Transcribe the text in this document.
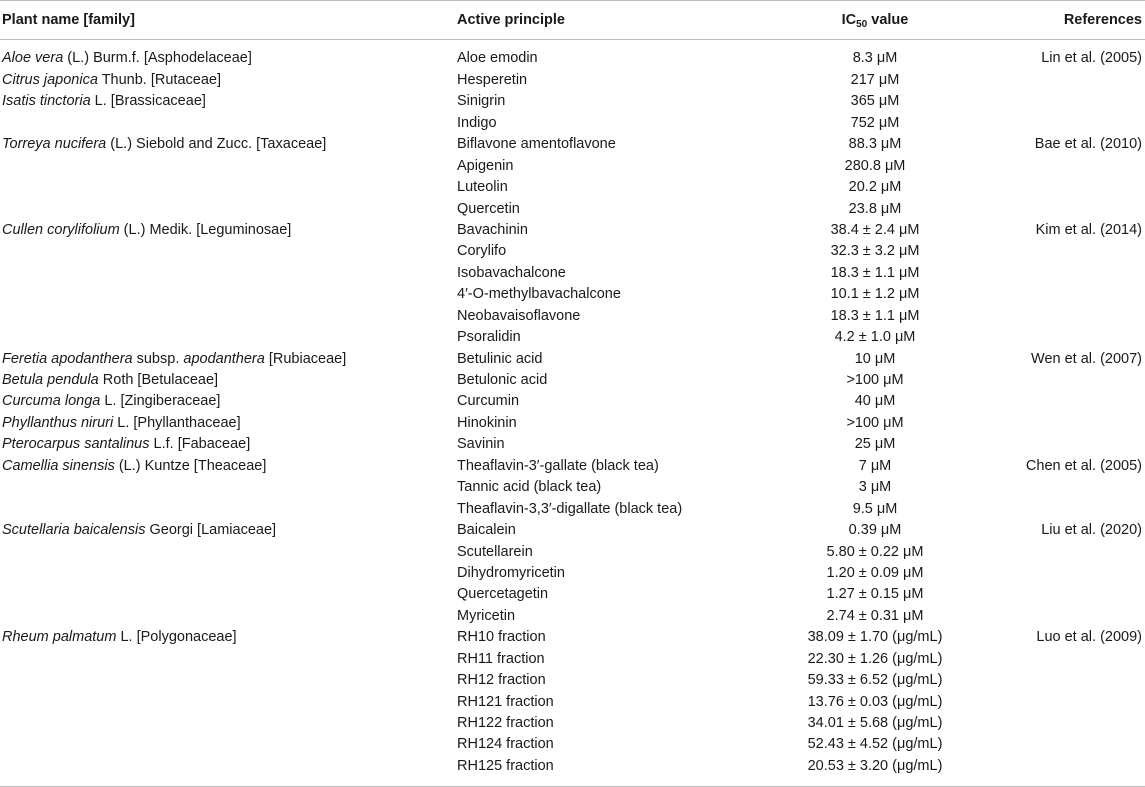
Plant name [family]	Active principle	$IC_{50}$ value	References
Aloe vera (L.) Burm.f. [Asphodelaceae]	Aloe emodin	8.3 μM	Lin et al. (2005)
Citrus japonica Thunb. [Rutaceae]	Hesperetin	217 μM	
Isatis tinctoria L. [Brassicaceae]	Sinigrin	365 μM	
	Indigo	752 μM	
Torreya nucifera (L.) Siebold and Zucc. [Taxaceae]	Biflavone amentoflavone	88.3 μM	Bae et al. (2010)
	Apigenin	280.8 μM	
	Luteolin	20.2 μM	
	Quercetin	23.8 μM	
Cullen corylifolium (L.) Medik. [Leguminosae]	Bavachinin	38.4 ± 2.4 μM	Kim et al. (2014)
	Corylifo	32.3 ± 3.2 μM	
	Isobavachalcone	18.3 ± 1.1 μM	
	4′-O-methylbavachalcone	10.1 ± 1.2 μM	
	Neobavaisoflavone	18.3 ± 1.1 μM	
	Psoralidin	4.2 ± 1.0 μM	
Feretia apodanthera subsp. apodanthera [Rubiaceae]	Betulinic acid	10 μM	Wen et al. (2007)
Betula pendula Roth [Betulaceae]	Betulonic acid	>100 μM	
Curcuma longa L. [Zingiberaceae]	Curcumin	40 μM	
Phyllanthus niruri L. [Phyllanthaceae]	Hinokinin	>100 μM	
Pterocarpus santalinus L.f. [Fabaceae]	Savinin	25 μM	
Camellia sinensis (L.) Kuntze [Theaceae]	Theaflavin-3′-gallate (black tea)	7 μM	Chen et al. (2005)
	Tannic acid (black tea)	3 μM	
	Theaflavin-3,3′-digallate (black tea)	9.5 μM	
Scutellaria baicalensis Georgi [Lamiaceae]	Baicalein	0.39 μM	Liu et al. (2020)
	Scutellarein	5.80 ± 0.22 μM	
	Dihydromyricetin	1.20 ± 0.09 μM	
	Quercetagetin	1.27 ± 0.15 μM	
	Myricetin	2.74 ± 0.31 μM	
Rheum palmatum L. [Polygonaceae]	RH10 fraction	38.09 ± 1.70 (μg/mL)	Luo et al. (2009)
	RH11 fraction	22.30 ± 1.26 (μg/mL)	
	RH12 fraction	59.33 ± 6.52 (μg/mL)	
	RH121 fraction	13.76 ± 0.03 (μg/mL)	
	RH122 fraction	34.01 ± 5.68 (μg/mL)	
	RH124 fraction	52.43 ± 4.52 (μg/mL)	
	RH125 fraction	20.53 ± 3.20 (μg/mL)	
